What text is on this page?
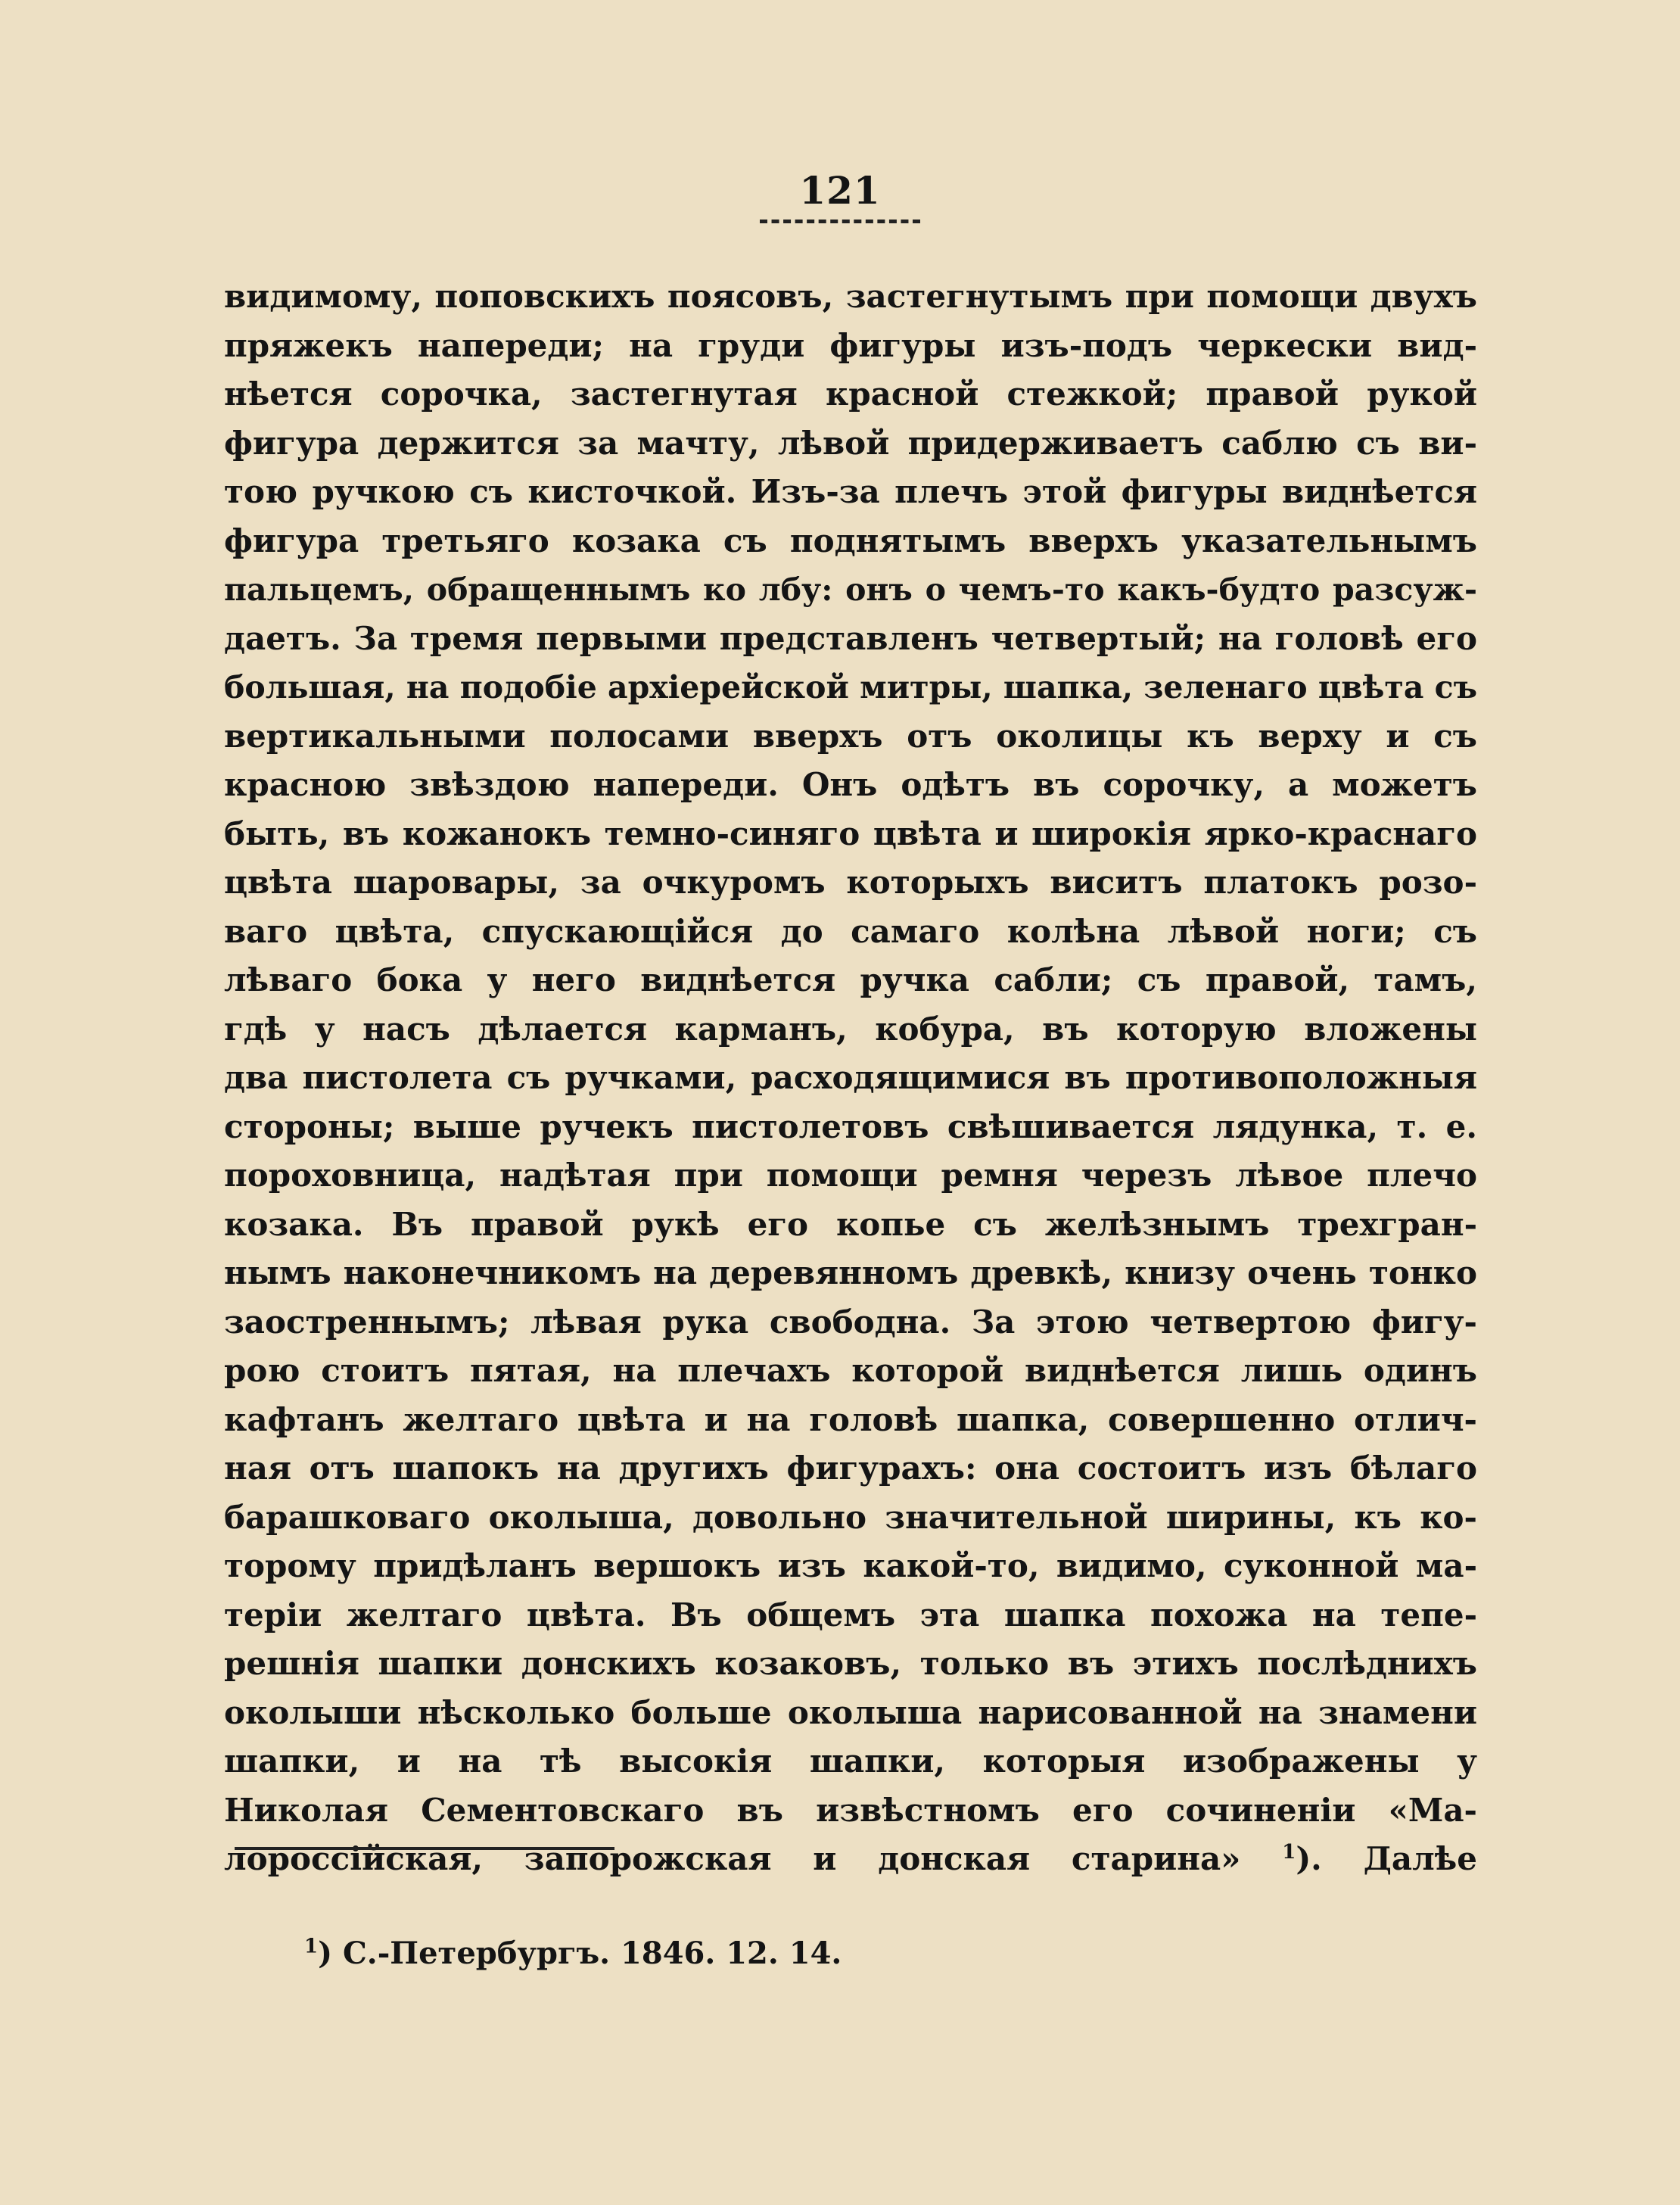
121
видимому, поповскихъ поясовъ, застегнутымъ при помощи двухъ
пряжекъ напереди; на груди фигуры изъ-подъ черкески вид-
нѣется сорочка, застегнутая красной стежкой; правой рукой
фигура держится за мачту, лѣвой придерживаетъ саблю съ ви-
тою ручкою съ кисточкой. Изъ-за плечъ этой фигуры виднѣется
фигура третьяго козака съ поднятымъ вверхъ указательнымъ
пальцемъ, обращеннымъ ко лбу: онъ о чемъ-то какъ-будто разсуж-
даетъ. За тремя первыми представленъ четвертый; на головѣ его
большая, на подобіе архіерейской митры, шапка, зеленаго цвѣта съ
вертикальными полосами вверхъ отъ околицы къ верху и съ
красною звѣздою напереди. Онъ одѣтъ въ сорочку, а можетъ
быть, въ кожанокъ темно-синяго цвѣта и широкія ярко-краснаго
цвѣта шаровары, за очкуромъ которыхъ виситъ платокъ розо-
ваго цвѣта, спускающійся до самаго колѣна лѣвой ноги; съ
лѣваго бока у него виднѣется ручка сабли; съ правой, тамъ,
гдѣ у насъ дѣлается карманъ, кобура, въ которую вложены
два пистолета съ ручками, расходящимися въ противоположныя
стороны; выше ручекъ пистолетовъ свѣшивается лядунка, т. е.
пороховница, надѣтая при помощи ремня черезъ лѣвое плечо
козака. Въ правой рукѣ его копье съ желѣзнымъ трехгран-
нымъ наконечникомъ на деревянномъ древкѣ, книзу очень тонко
заостреннымъ; лѣвая рука свободна. За этою четвертою фигу-
рою стоитъ пятая, на плечахъ которой виднѣется лишь одинъ
кафтанъ желтаго цвѣта и на головѣ шапка, совершенно отлич-
ная отъ шапокъ на другихъ фигурахъ: она состоитъ изъ бѣлаго
барашковаго околыша, довольно значительной ширины, къ ко-
торому придѣланъ вершокъ изъ какой-то, видимо, суконной ма-
теріи желтаго цвѣта. Въ общемъ эта шапка похожа на тепе-
решнія шапки донскихъ козаковъ, только въ этихъ послѣднихъ
околыши нѣсколько больше околыша нарисованной на знамени
шапки, и на тѣ высокія шапки, которыя изображены у
Николая Сементовскаго въ извѣстномъ его сочиненіи «Ма-
лороссійская, запорожская и донская старина» $^1$). Далѣе
$^1$) С.-Петербургъ. 1846. 12. 14.
